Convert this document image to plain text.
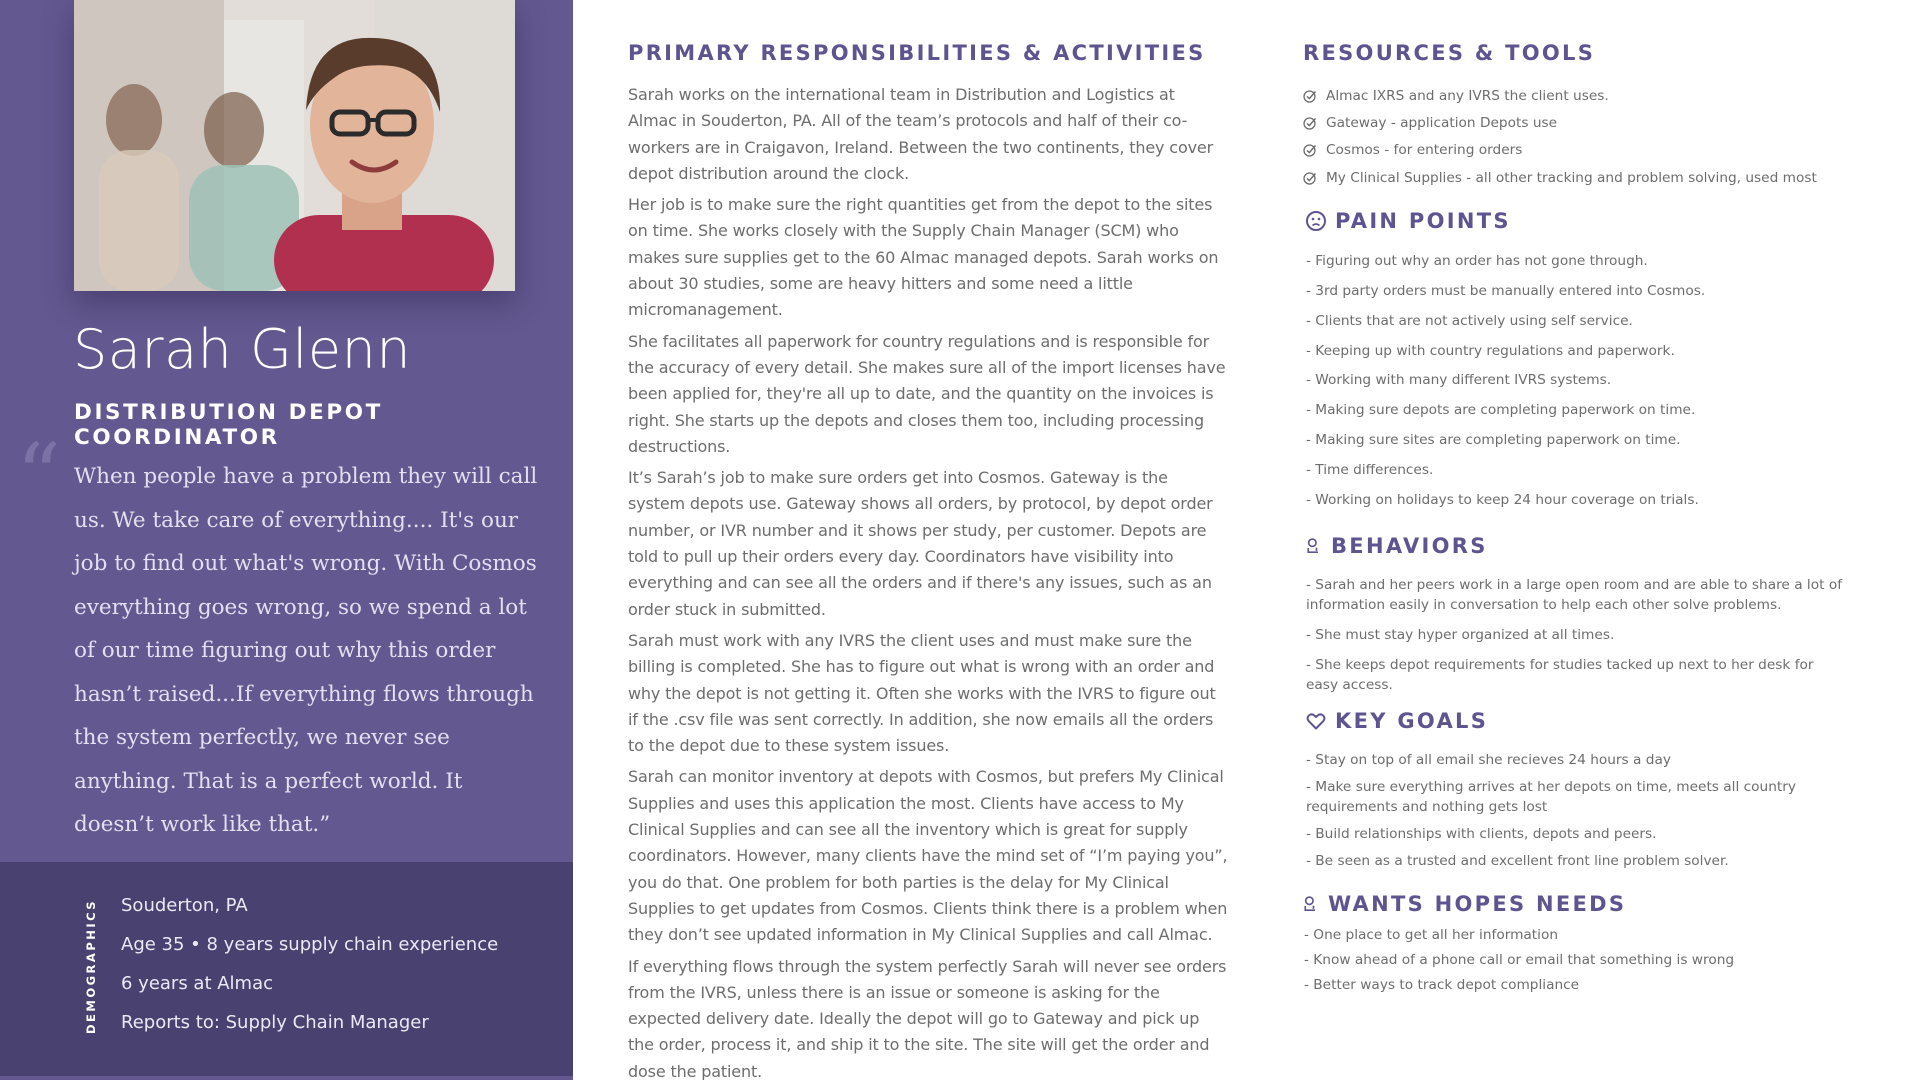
Sarah Glenn
DISTRIBUTION DEPOT COORDINATOR
“ When people have a problem they will call us. We take care of everything.... It's our job to find out what's wrong. With Cosmos everything goes wrong, so we spend a lot of our time figuring out why this order hasn’t raised...If everything flows through the system perfectly, we never see anything. That is a perfect world. It doesn’t work like that.”
DEMOGRAPHICS Souderton, PA
Age 35 • 8 years supply chain experience
6 years at Almac
Reports to: Supply Chain Manager
PRIMARY RESPONSIBILITIES & ACTIVITIES

Sarah works on the international team in Distribution and Logistics at Almac in Souderton, PA. All of the team’s protocols and half of their co-workers are in Craigavon, Ireland. Between the two continents, they cover depot distribution around the clock.

Her job is to make sure the right quantities get from the depot to the sites on time. She works closely with the Supply Chain Manager (SCM) who makes sure supplies get to the 60 Almac managed depots. Sarah works on about 30 studies, some are heavy hitters and some need a little micromanagement.

She facilitates all paperwork for country regulations and is responsible for the accuracy of every detail. She makes sure all of the import licenses have been applied for, they're all up to date, and the quantity on the invoices is right. She starts up the depots and closes them too, including processing destructions.

It’s Sarah’s job to make sure orders get into Cosmos. Gateway is the system depots use. Gateway shows all orders, by protocol, by depot order number, or IVR number and it shows per study, per customer. Depots are told to pull up their orders every day. Coordinators have visibility into everything and can see all the orders and if there's any issues, such as an order stuck in submitted.

Sarah must work with any IVRS the client uses and must make sure the billing is completed. She has to figure out what is wrong with an order and why the depot is not getting it. Often she works with the IVRS to figure out if the .csv file was sent correctly. In addition, she now emails all the orders to the depot due to these system issues.

Sarah can monitor inventory at depots with Cosmos, but prefers My Clinical Supplies and uses this application the most. Clients have access to My Clinical Supplies and can see all the inventory which is great for supply coordinators. However, many clients have the mind set of “I’m paying you”, you do that. One problem for both parties is the delay for My Clinical Supplies to get updates from Cosmos. Clients think there is a problem when they don’t see updated information in My Clinical Supplies and call Almac.

If everything flows through the system perfectly Sarah will never see orders from the IVRS, unless there is an issue or someone is asking for the expected delivery date. Ideally the depot will go to Gateway and pick up the order, process it, and ship it to the site. The site will get the order and dose the patient.

RESOURCES & TOOLS
Almac IXRS and any IVRS the client uses.
Gateway - application Depots use
Cosmos - for entering orders
My Clinical Supplies - all other tracking and problem solving, used most
PAIN POINTS
- Figuring out why an order has not gone through.
- 3rd party orders must be manually entered into Cosmos.
- Clients that are not actively using self service.
- Keeping up with country regulations and paperwork.
- Working with many different IVRS systems.
- Making sure depots are completing paperwork on time.
- Making sure sites are completing paperwork on time.
- Time differences.
- Working on holidays to keep 24 hour coverage on trials.
BEHAVIORS
- Sarah and her peers work in a large open room and are able to share a lot of information easily in conversation to help each other solve problems.
- She must stay hyper organized at all times.
- She keeps depot requirements for studies tacked up next to her desk for easy access.
KEY GOALS
- Stay on top of all email she recieves 24 hours a day
- Make sure everything arrives at her depots on time, meets all country requirements and nothing gets lost
- Build relationships with clients, depots and peers.
- Be seen as a trusted and excellent front line problem solver.
WANTS HOPES NEEDS
- One place to get all her information
- Know ahead of a phone call or email that something is wrong
- Better ways to track depot compliance
